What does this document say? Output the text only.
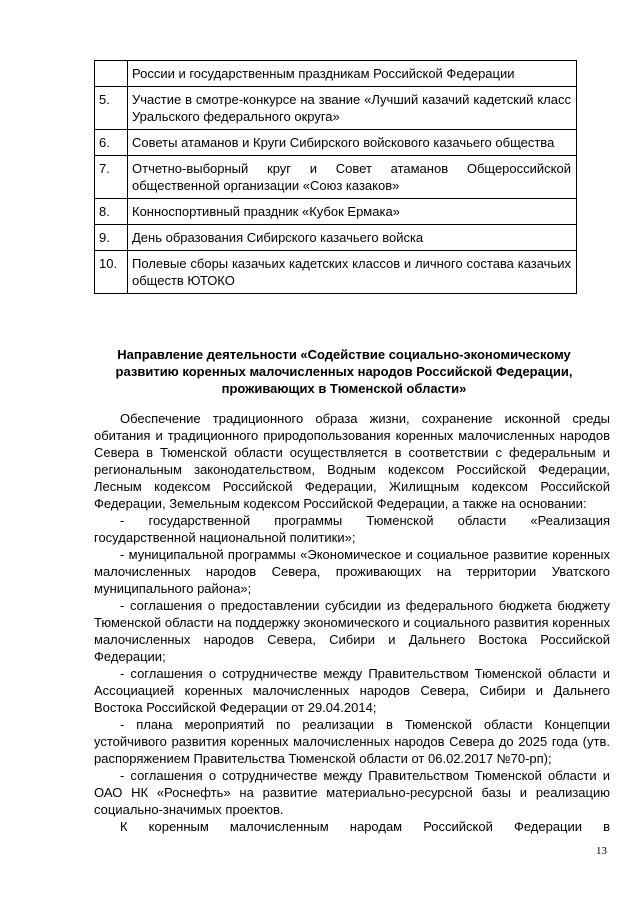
	России и государственным праздникам Российской Федерации
5.	Участие в смотре-конкурсе на звание «Лучший казачий кадетский класс Уральского федерального округа»
6.	Советы атаманов и Круги Сибирского войскового казачьего общества
7.	Отчетно-выборный круг и Совет атаманов Общероссийской общественной организации «Союз казаков»
8.	Конноспортивный праздник «Кубок Ермака»
9.	День образования Сибирского казачьего войска
10.	Полевые сборы казачьих кадетских классов и личного состава казачьих обществ ЮТОКО
Направление деятельности «Содействие социально-экономическому развитию коренных малочисленных народов Российской Федерации, проживающих в Тюменской области»

Обеспечение традиционного образа жизни, сохранение исконной среды обитания и традиционного природопользования коренных малочисленных народов Севера в Тюменской области осуществляется в соответствии с федеральным и региональным законодательством, Водным кодексом Российской Федерации, Лесным кодексом Российской Федерации, Жилищным кодексом Российской Федерации, Земельным кодексом Российской Федерации, а также на основании:

- государственной программы Тюменской области «Реализация государственной национальной политики»;

- муниципальной программы «Экономическое и социальное развитие коренных малочисленных народов Севера, проживающих на территории Уватского муниципального района»;

- соглашения о предоставлении субсидии из федерального бюджета бюджету Тюменской области на поддержку экономического и социального развития коренных малочисленных народов Севера, Сибири и Дальнего Востока Российской Федерации;

- соглашения о сотрудничестве между Правительством Тюменской области и Ассоциацией коренных малочисленных народов Севера, Сибири и Дальнего Востока Российской Федерации от 29.04.2014;

- плана мероприятий по реализации в Тюменской области Концепции устойчивого развития коренных малочисленных народов Севера до 2025 года (утв. распоряжением Правительства Тюменской области от 06.02.2017 №70-рп);

- соглашения о сотрудничестве между Правительством Тюменской области и ОАО НК «Роснефть» на развитие материально-ресурсной базы и реализацию социально-значимых проектов.

К коренным малочисленным народам Российской Федерации в

13
